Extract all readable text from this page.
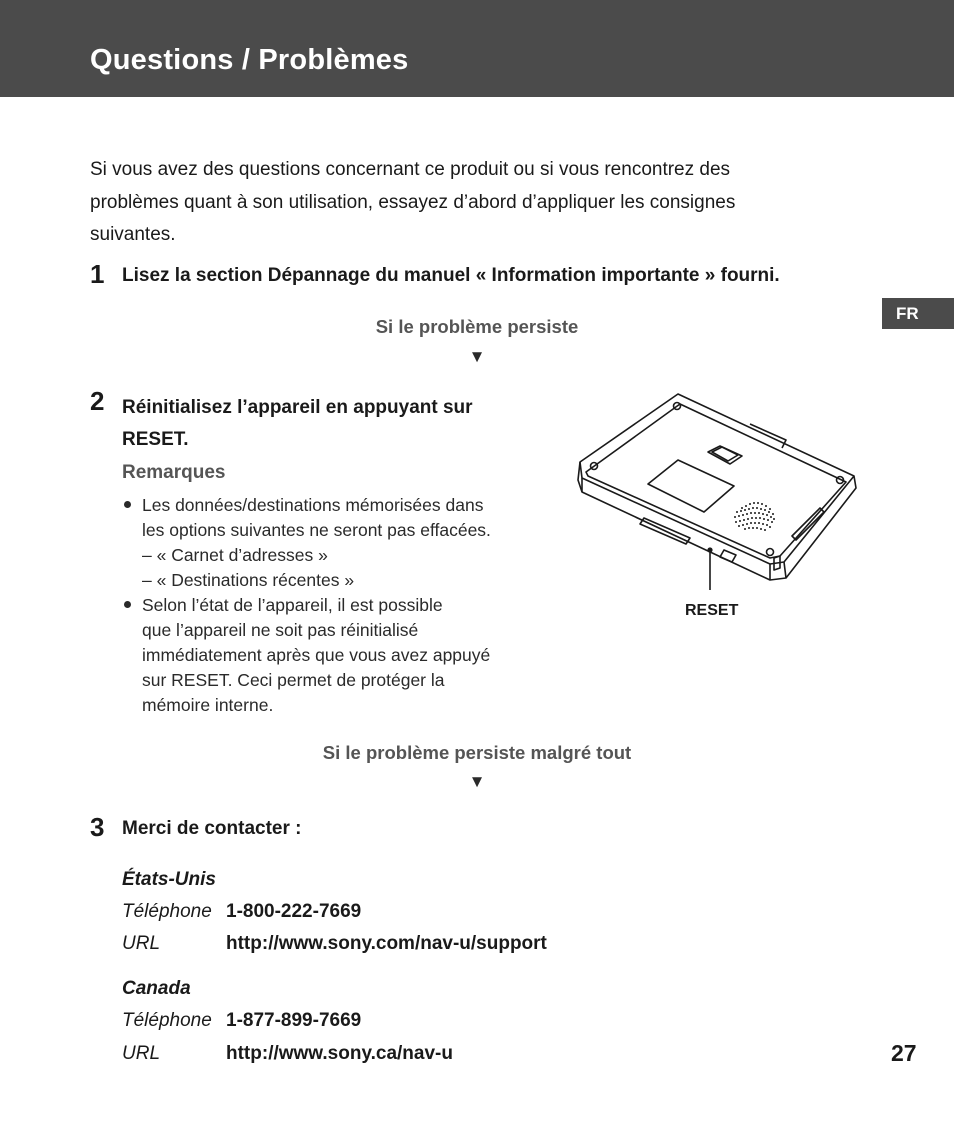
Questions / Problèmes
FR
Si vous avez des questions concernant ce produit ou si vous rencontrez des
problèmes quant à son utilisation, essayez d’abord d’appliquer les consignes
suivantes.
1 Lisez la section Dépannage du manuel « Information importante » fourni.
Si le problème persiste
▼
2 Réinitialisez l’appareil en appuyant sur
RESET.
Remarques
Les données/destinations mémorisées dans
les options suivantes ne seront pas effacées.
– « Carnet d’adresses »
– « Destinations récentes »
Selon l’état de l’appareil, il est possible
que l’appareil ne soit pas réinitialisé
immédiatement après que vous avez appuyé
sur RESET. Ceci permet de protéger la
mémoire interne.
RESET
Si le problème persiste malgré tout
▼
3 Merci de contacter :
États-Unis
Téléphone 1-800-222-7669
URL	http://www.sony.com/nav-u/support
Canada
Téléphone 1-877-899-7669
URL	http://www.sony.ca/nav-u	27
